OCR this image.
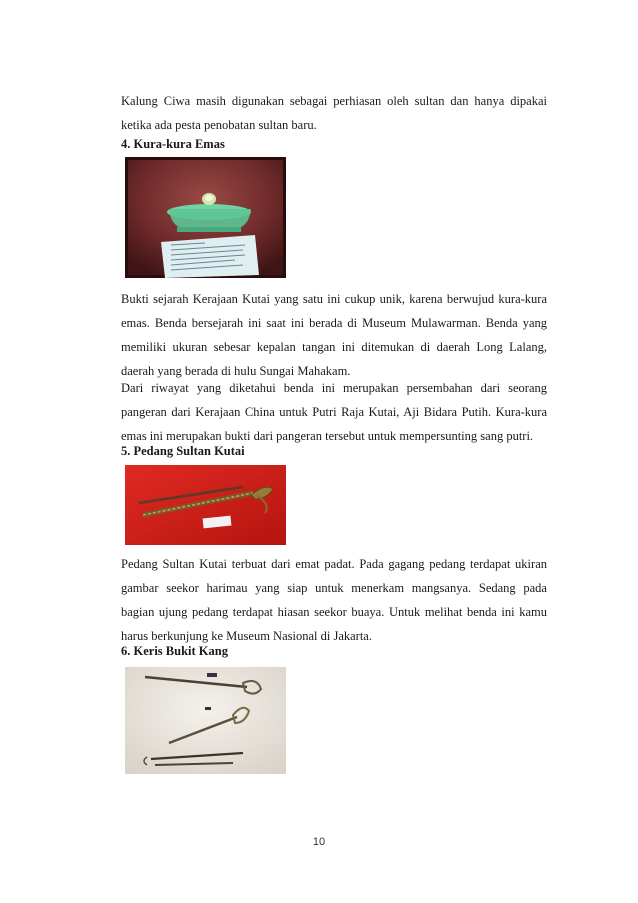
Kalung Ciwa masih digunakan sebagai perhiasan oleh sultan dan hanya dipakai
ketika ada pesta penobatan sultan baru.
4. Kura-kura Emas
Bukti sejarah Kerajaan Kutai yang satu ini cukup unik, karena berwujud kura-kura
emas. Benda bersejarah ini saat ini berada di Museum Mulawarman. Benda yang
memiliki ukuran sebesar kepalan tangan ini ditemukan di daerah Long Lalang,
daerah yang berada di hulu Sungai Mahakam.
Dari riwayat yang diketahui benda ini merupakan persembahan dari seorang
pangeran dari Kerajaan China untuk Putri Raja Kutai, Aji Bidara Putih. Kura-kura
emas ini merupakan bukti dari pangeran tersebut untuk mempersunting sang putri.
5. Pedang Sultan Kutai
Pedang Sultan Kutai terbuat dari emat padat. Pada gagang pedang terdapat ukiran
gambar seekor harimau yang siap untuk menerkam mangsanya. Sedang pada
bagian ujung pedang terdapat hiasan seekor buaya. Untuk melihat benda ini kamu
harus berkunjung ke Museum Nasional di Jakarta.
6. Keris Bukit Kang
10
